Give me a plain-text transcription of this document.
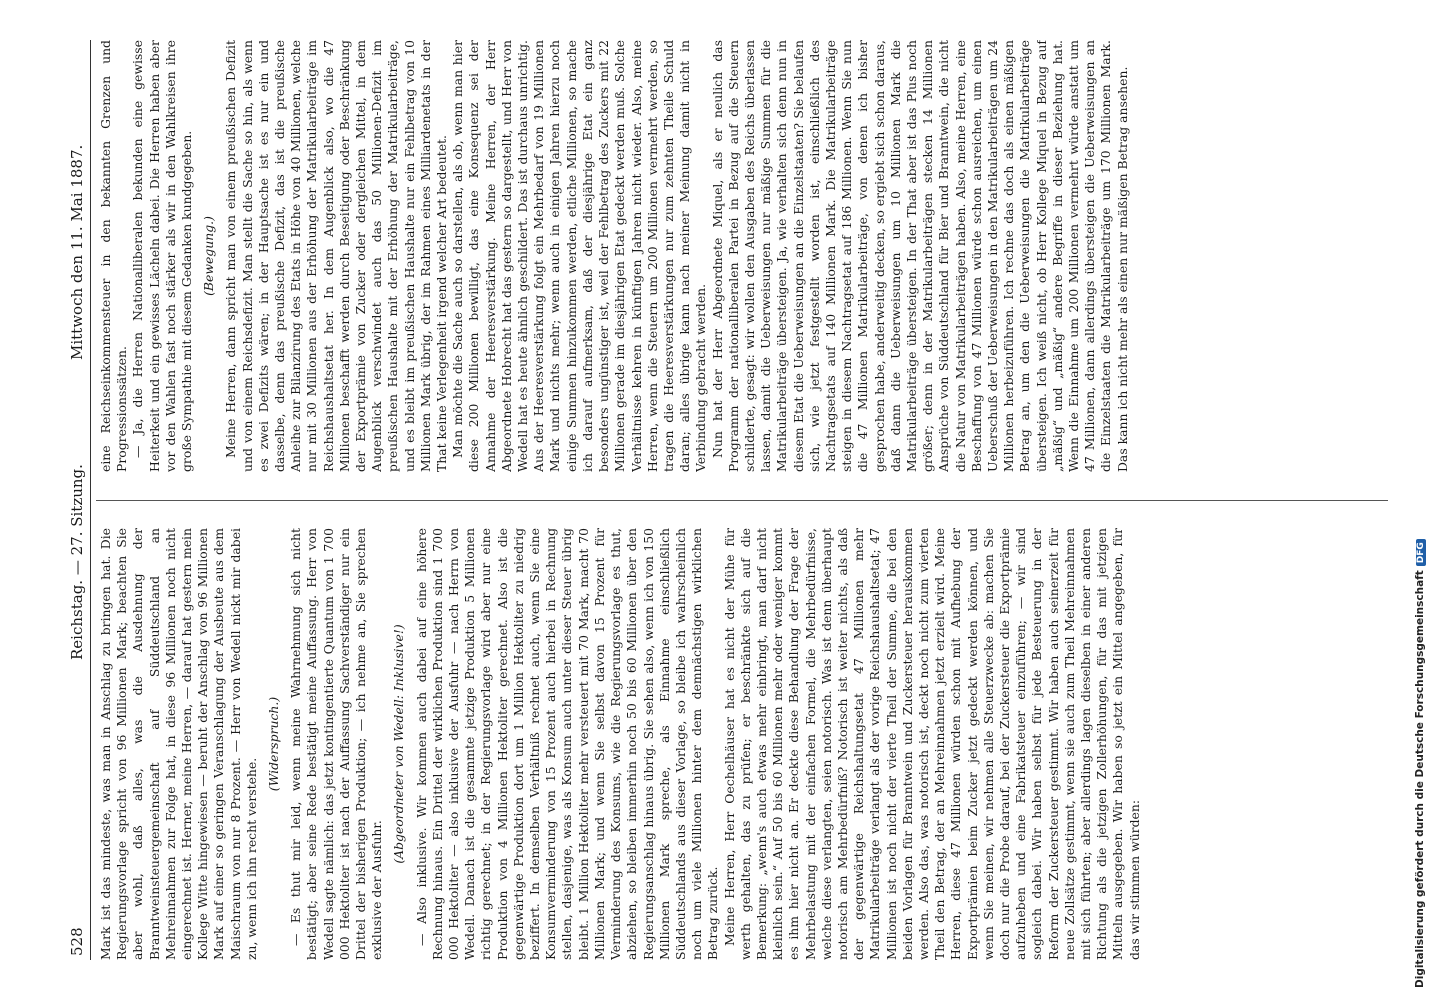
528
Reichstag. — 27. Sitzung.
Mittwoch den 11. Mai 1887.

Mark ist das mindeste, was man in Anschlag zu bringen hat. Die Regierungsvorlage spricht von 96 Millionen Mark; beachten Sie aber wohl, daß alles, was die Ausdehnung der Branntweinsteuergemeinschaft auf Süddeutschland an Mehreinnahmen zur Folge hat, in diese 96 Millionen noch nicht eingerechnet ist. Herner, meine Herren, — darauf hat gestern mein Kollege Witte hingewiesen — beruht der Anschlag von 96 Millionen Mark auf einer so geringen Veranschlagung der Ausbeute aus dem Maischraum von nur 8 Prozent. — Herr von Wedell nickt mir dabei zu, wenn ich ihn recht verstehe.

(Widerspruch.) — Es thut mir leid, wenn meine Wahrnehmung sich nicht bestätigt; aber seine Rede bestätigt meine Auffassung. Herr von Wedell sagte nämlich: das jetzt kontingentierte Quantum von 1 700 000 Hektoliter ist nach der Auffassung Sachverständiger nur ein Drittel der bisherigen Produktion; — ich nehme an, Sie sprechen exklusive der Ausfuhr.

(Abgeordneter von Wedell: Inklusive!) — Also inklusive. Wir kommen auch dabei auf eine höhere Rechnung hinaus. Ein Drittel der wirklichen Produktion sind 1 700 000 Hektoliter — also inklusive der Ausfuhr — nach Herrn von Wedell. Danach ist die gesammte jetzige Produktion 5 Millionen richtig gerechnet; in der Regierungsvorlage wird aber nur eine Produktion von 4 Millionen Hektoliter gerechnet. Also ist die gegenwärtige Produktion dort um 1 Million Hektoliter zu niedrig beziffert. In demselben Verhältniß rechnet auch, wenn Sie eine Konsumverminderung von 15 Prozent auch hierbei in Rechnung stellen, dasjenige, was als Konsum auch unter dieser Steuer übrig bleibt. 1 Million Hektoliter mehr versteuert mit 70 Mark, macht 70 Millionen Mark; und wenn Sie selbst davon 15 Prozent für Verminderung des Konsums, wie die Regierungsvorlage es thut, abziehen, so bleiben immerhin noch 50 bis 60 Millionen über den Regierungsanschlag hinaus übrig. Sie sehen also, wenn ich von 150 Millionen Mark spreche, als Einnahme einschließlich Süddeutschlands aus dieser Vorlage, so bleibe ich wahrscheinlich noch um viele Millionen hinter dem demnächstigen wirklichen Betrag zurück. Meine Herren, Herr Oechelhäuser hat es nicht der Mühe für werth gehalten, das zu prüfen; er beschränkte sich auf die Bemerkung: „wenn's auch etwas mehr einbringt, man darf nicht kleinlich sein.“ Auf 50 bis 60 Millionen mehr oder weniger kommt es ihm hier nicht an. Er deckte diese Behandlung der Frage der Mehrbelastung mit der einfachen Formel, die Mehrbedürfnisse, welche diese verlangten, seien notorisch. Was ist denn überhaupt notorisch am Mehrbedürfniß? Notorisch ist weiter nichts, als daß der gegenwärtige Reichshaltungsetat 47 Millionen mehr Matrikularbeiträge verlangt als der vorige Reichshaushaltsetat; 47 Millionen ist noch nicht der vierte Theil der Summe, die bei den beiden Vorlagen für Branntwein und Zuckersteuer herauskommen werden. Also das, was notorisch ist, deckt noch nicht zum vierten Theil den Betrag, der an Mehreinnahmen jetzt erzielt wird. Meine Herren, diese 47 Millionen würden schon mit Aufhebung der Exportprämien beim Zucker jetzt gedeckt werden können, und wenn Sie meinen, wir nehmen alle Steuerzwecke ab: machen Sie doch nur die Probe darauf, bei der Zuckersteuer die Exportprämie aufzuheben und eine Fabrikatsteuer einzuführen; — wir sind sogleich dabei. Wir haben selbst für jede Besteuerung in der Reform der Zuckersteuer gestimmt. Wir haben auch seinerzeit für neue Zollsätze gestimmt, wenn sie auch zum Theil Mehreinnahmen mit sich führten; aber allerdings lagen dieselben in einer anderen Richtung als die jetzigen Zollerhöhungen, für das mit jetzigen Mitteln ausgegeben. Wir haben so jetzt ein Mittel angegeben, für das wir stimmen würden:

eine Reichseinkommensteuer in den bekannten Grenzen und Progressionssätzen. — Ja, die Herren Nationalliberalen bekunden eine gewisse Heiterkeit und ein gewisses Lächeln dabei. Die Herren haben aber vor den Wahlen fast noch stärker als wir in den Wahlkreisen ihre große Sympathie mit diesem Gedanken kundgegeben. (Bewegung.) Meine Herren, dann spricht man von einem preußischen Defizit und von einem Reichsdefizit. Man stellt die Sache so hin, als wenn es zwei Defizits wären; in der Hauptsache ist es nur ein und dasselbe, denn das preußische Defizit, das ist die preußische Anleihe zur Bilanzirung des Etats in Höhe von 40 Millionen, welche nur mit 30 Millionen aus der Erhöhung der Matrikularbeiträge im Reichshaushaltsetat her. In dem Augenblick also, wo die 47 Millionen beschafft werden durch Beseitigung oder Beschränkung der Exportprämie von Zucker oder dergleichen Mittel, in dem Augenblick verschwindet auch das 50 Millionen-Defizit im preußischen Haushalte mit der Erhöhung der Matrikularbeiträge, und es bleibt im preußischen Haushalte nur ein Fehlbetrag von 10 Millionen Mark übrig, der im Rahmen eines Milliardenetats in der That keine Verlegenheit irgend welcher Art bedeutet. Man möchte die Sache auch so darstellen, als ob, wenn man hier diese 200 Millionen bewilligt, das eine Konsequenz sei der Annahme der Heeresverstärkung. Meine Herren, der Herr Abgeordnete Hobrecht hat das gestern so dargestellt, und Herr von Wedell hat es heute ähnlich geschildert. Das ist durchaus unrichtig. Aus der Heeresverstärkung folgt ein Mehrbedarf von 19 Millionen Mark und nichts mehr; wenn auch in einigen Jahren hierzu noch einige Summen hinzukommen werden, etliche Millionen, so mache ich darauf aufmerksam, daß der diesjährige Etat ein ganz besonders ungünstiger ist, weil der Fehlbetrag des Zuckers mit 22 Millionen gerade im diesjährigen Etat gedeckt werden muß. Solche Verhältnisse kehren in künftigen Jahren nicht wieder. Also, meine Herren, wenn die Steuern um 200 Millionen vermehrt werden, so tragen die Heeresverstärkungen nur zum zehnten Theile Schuld daran; alles übrige kann nach meiner Meinung damit nicht in Verbindung gebracht werden. Nun hat der Herr Abgeordnete Miquel, als er neulich das Programm der nationalliberalen Partei in Bezug auf die Steuern schilderte, gesagt: wir wollen den Ausgaben des Reichs überlassen lassen, damit die Ueberweisungen nur mäßige Summen für die Matrikularbeiträge übersteigen. Ja, wie verhalten sich denn nun in diesem Etat die Ueberweisungen an die Einzelstaaten? Sie belaufen sich, wie jetzt festgestellt worden ist, einschließlich des Nachtragsetats auf 140 Millionen Mark. Die Matrikularbeiträge steigen in diesem Nachtragsetat auf 186 Millionen. Wenn Sie nun die 47 Millionen Matrikularbeiträge, von denen ich bisher gesprochen habe, anderweitig decken, so ergiebt sich schon daraus, daß dann die Ueberweisungen um 10 Millionen Mark die Matrikularbeiträge übersteigen. In der That aber ist das Plus noch größer; denn in der Matrikularbeiträgen stecken 14 Millionen Ansprüche von Süddeutschland für Bier und Branntwein, die nicht die Natur von Matrikularbeiträgen haben. Also, meine Herren, eine Beschaffung von 47 Millionen würde schon ausreichen, um einen Ueberschuß der Ueberweisungen in den Matrikularbeiträgen um 24 Millionen herbeizuführen. Ich rechne das doch als einen mäßigen Betrag an, um den die Ueberweisungen die Matrikularbeiträge übersteigen. Ich weiß nicht, ob Herr Kollege Miquel in Bezug auf „mäßig“ und „mäßig“ andere Begriffe in dieser Beziehung hat. Wenn die Einnahme um 200 Millionen vermehrt würde anstatt um 47 Millionen, dann allerdings übersteigen die Ueberweisungen an die Einzelstaaten die Matrikularbeiträge um 170 Millionen Mark. Das kann ich nicht mehr als einen nur mäßigen Betrag ansehen.

Digitalisierung gefördert durch die Deutsche ForschungsgemeinschaftDFG
